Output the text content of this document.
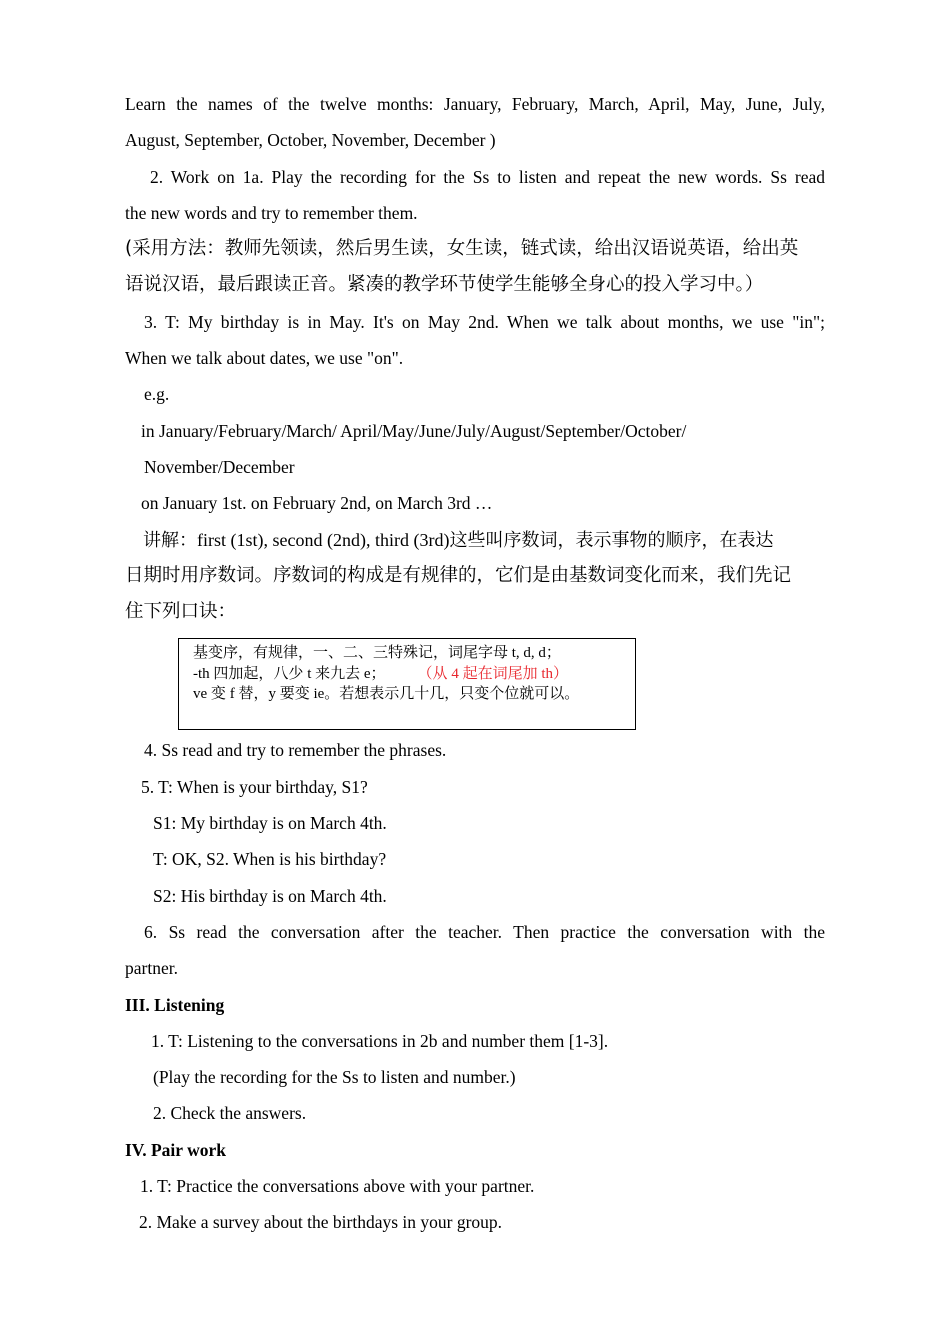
Learn the names of the twelve months: January, February, March, April, May, June, July,
August, September, October, November, December )
2. Work on 1a. Play the recording for the Ss to listen and repeat the new words. Ss read
the new words and try to remember them.
(采用方法：教师先领读，然后男生读，女生读，链式读，给出汉语说英语，给出英
语说汉语，最后跟读正音。紧凑的教学环节使学生能够全身心的投入学习中。）
3. T: My birthday is in May. It's on May 2nd. When we talk about months, we use "in";
When we talk about dates, we use "on".
e.g.
in January/February/March/ April/May/June/July/August/September/October/
November/December
on January 1st. on February 2nd, on March 3rd …
讲解：first (1st), second (2nd), third (3rd)这些叫序数词，表示事物的顺序，在表达
日期时用序数词。序数词的构成是有规律的，它们是由基数词变化而来，我们先记
住下列口诀：
基变序，有规律，一、二、三特殊记，词尾字母 t, d, d；
-th 四加起，八少 t 来九去 e； （从 4 起在词尾加 th）
ve 变 f 替，y 要变 ie。若想表示几十几，只变个位就可以。
4. Ss read and try to remember the phrases.
5. T: When is your birthday, S1?
S1: My birthday is on March 4th.
T: OK, S2. When is his birthday?
S2: His birthday is on March 4th.
6. Ss read the conversation after the teacher. Then practice the conversation with the
partner.
III. Listening
1. T: Listening to the conversations in 2b and number them [1-3].
(Play the recording for the Ss to listen and number.)
2. Check the answers.
IV. Pair work
1. T: Practice the conversations above with your partner.
2. Make a survey about the birthdays in your group.
